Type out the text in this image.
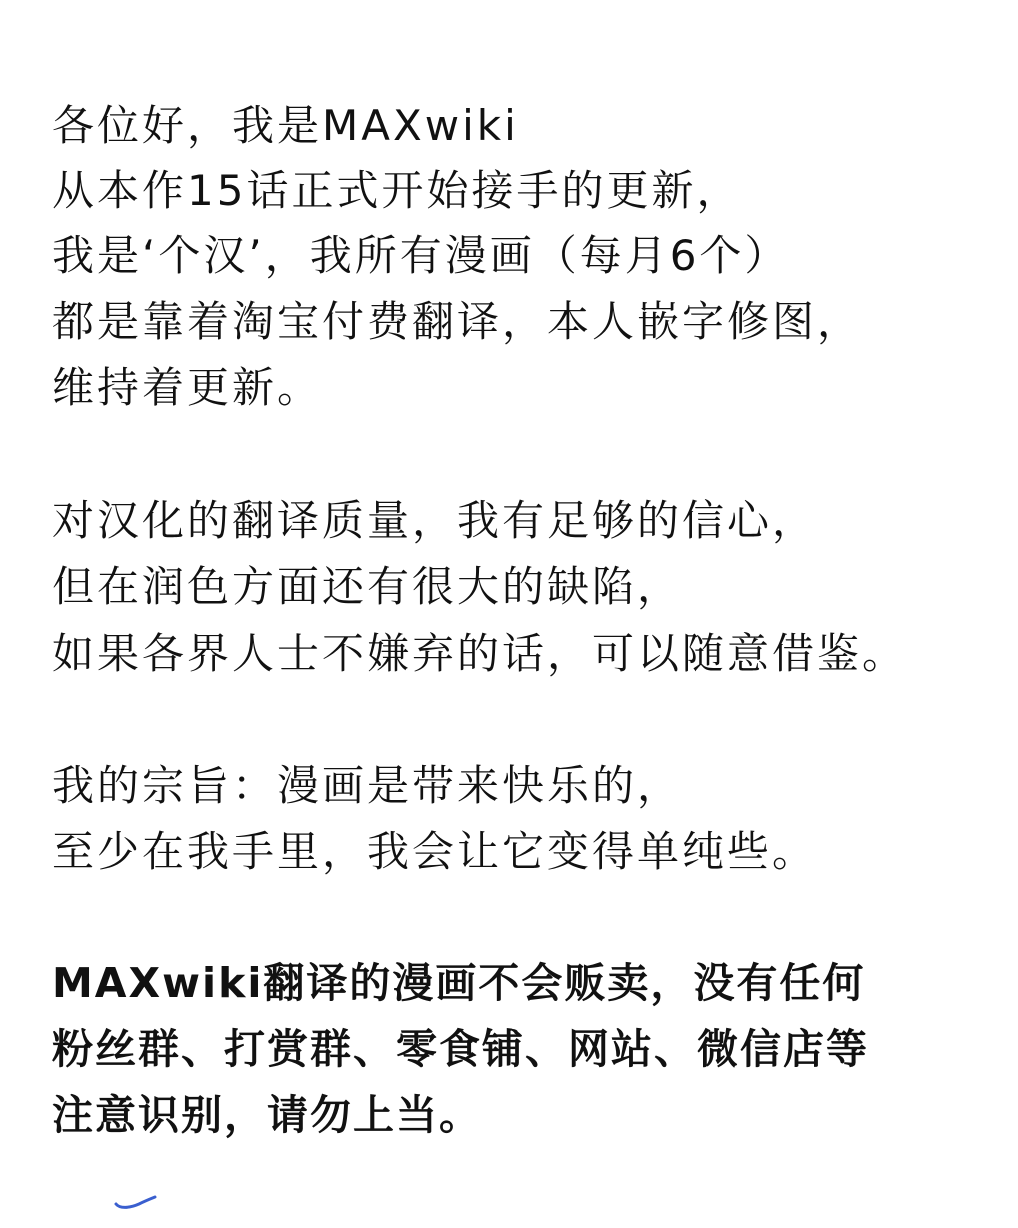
各位好，我是MAXwiki
从本作15话正式开始接手的更新，
我是‘个汉’，我所有漫画（每月6个）
都是靠着淘宝付费翻译，本人嵌字修图，
维持着更新。
对汉化的翻译质量，我有足够的信心，
但在润色方面还有很大的缺陷，
如果各界人士不嫌弃的话，可以随意借鉴。
我的宗旨：漫画是带来快乐的，
至少在我手里，我会让它变得单纯些。
MAXwiki翻译的漫画不会贩卖，没有任何
粉丝群、打赏群、零食铺、网站、微信店等
注意识别，请勿上当。
